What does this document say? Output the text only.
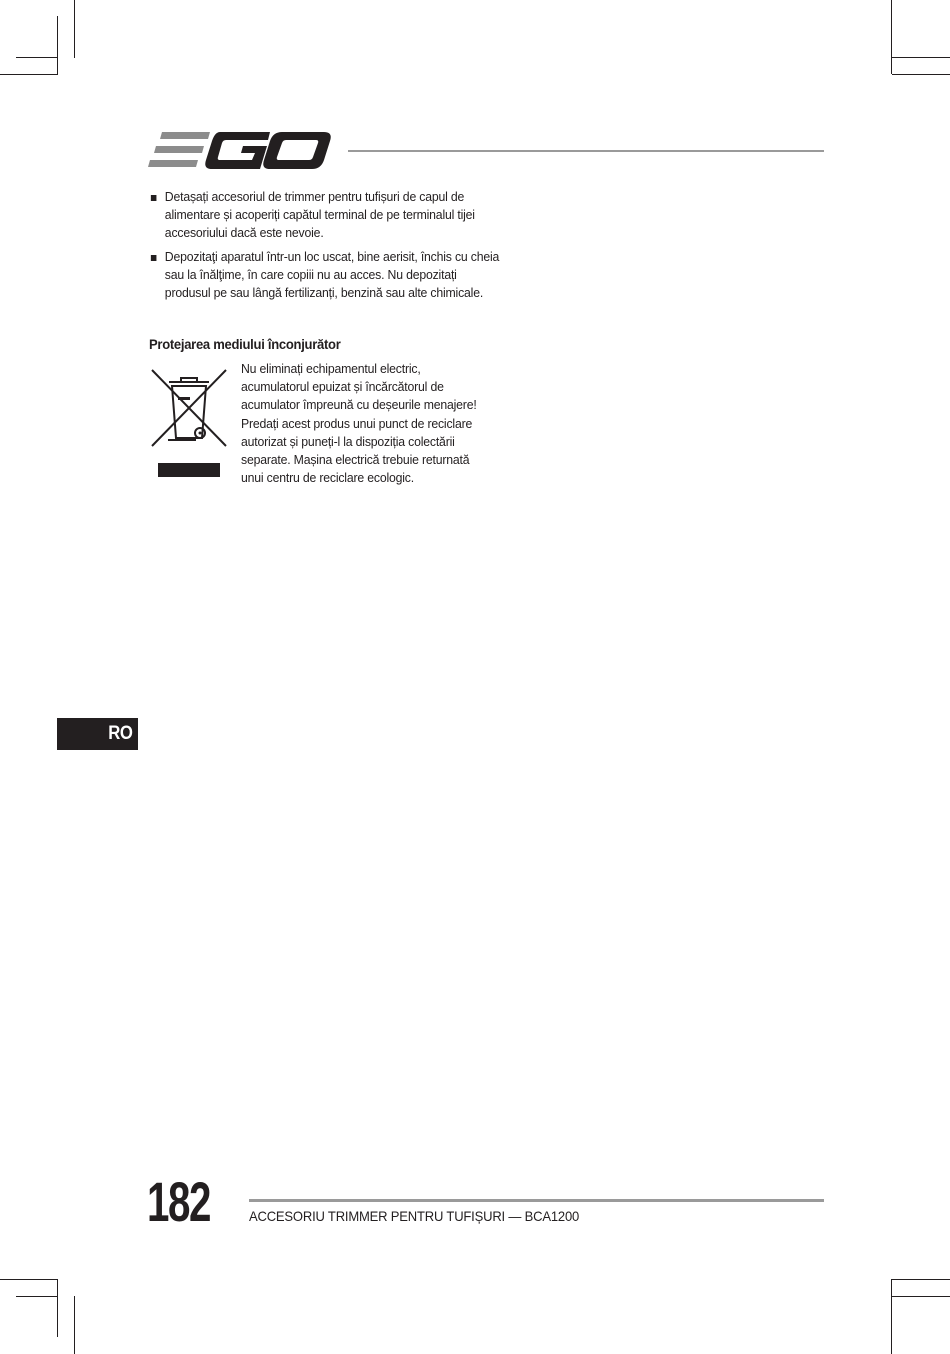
EGO
Detașați accesoriul de trimmer pentru tufișuri de capul de alimentare și acoperiți capătul terminal de pe terminalul tijei accesoriului dacă este nevoie.
Depozitaţi aparatul într-un loc uscat, bine aerisit, închis cu cheia sau la înălţime, în care copiii nu au acces. Nu depozitați produsul pe sau lângă fertilizanți, benzină sau alte chimicale.
Protejarea mediului înconjurător
Nu eliminați echipamentul electric, acumulatorul epuizat și încărcătorul de acumulator împreună cu deșeurile menajere! Predați acest produs unui punct de reciclare autorizat și puneți-l la dispoziția colectării separate. Mașina electrică trebuie returnată unui centru de reciclare ecologic.
RO
182	ACCESORIU TRIMMER PENTRU TUFIȘURI — BCA1200
